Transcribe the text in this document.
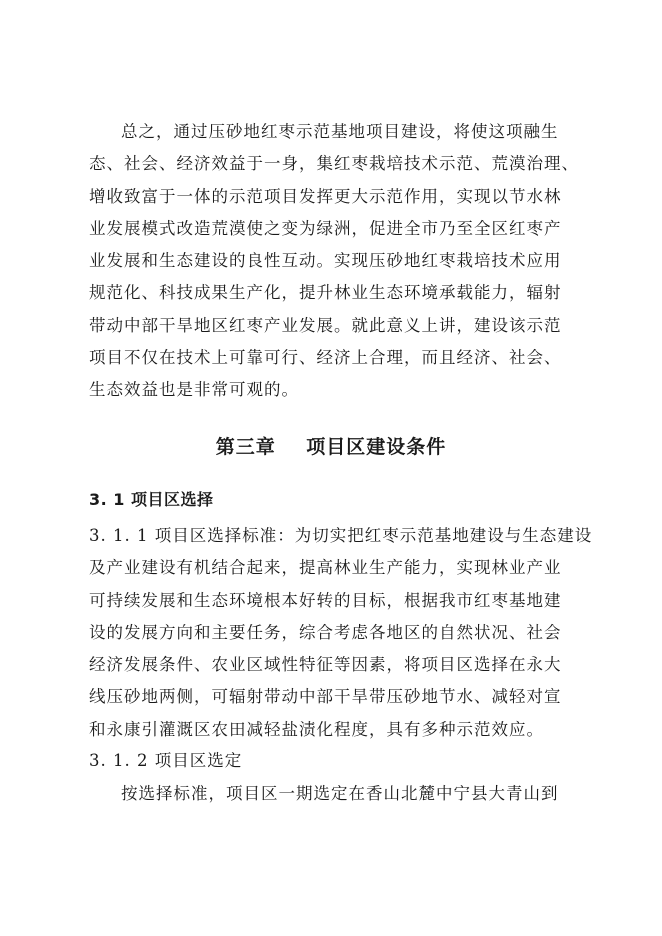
总之，通过压砂地红枣示范基地项目建设，将使这项融生
态、社会、经济效益于一身，集红枣栽培技术示范、荒漠治理、
增收致富于一体的示范项目发挥更大示范作用，实现以节水林
业发展模式改造荒漠使之变为绿洲，促进全市乃至全区红枣产
业发展和生态建设的良性互动。实现压砂地红枣栽培技术应用
规范化、科技成果生产化，提升林业生态环境承载能力，辐射
带动中部干旱地区红枣产业发展。就此意义上讲，建设该示范
项目不仅在技术上可靠可行、经济上合理，而且经济、社会、
生态效益也是非常可观的。
第三章    项目区建设条件
3. 1 项目区选择
3. 1. 1 项目区选择标准：为切实把红枣示范基地建设与生态建设
及产业建设有机结合起来，提高林业生产能力，实现林业产业
可持续发展和生态环境根本好转的目标，根据我市红枣基地建
设的发展方向和主要任务，综合考虑各地区的自然状况、社会
经济发展条件、农业区域性特征等因素，将项目区选择在永大
线压砂地两侧，可辐射带动中部干旱带压砂地节水、减轻对宣
和永康引灌溉区农田减轻盐渍化程度，具有多种示范效应。
3. 1. 2 项目区选定
按选择标准，项目区一期选定在香山北麓中宁县大青山到
